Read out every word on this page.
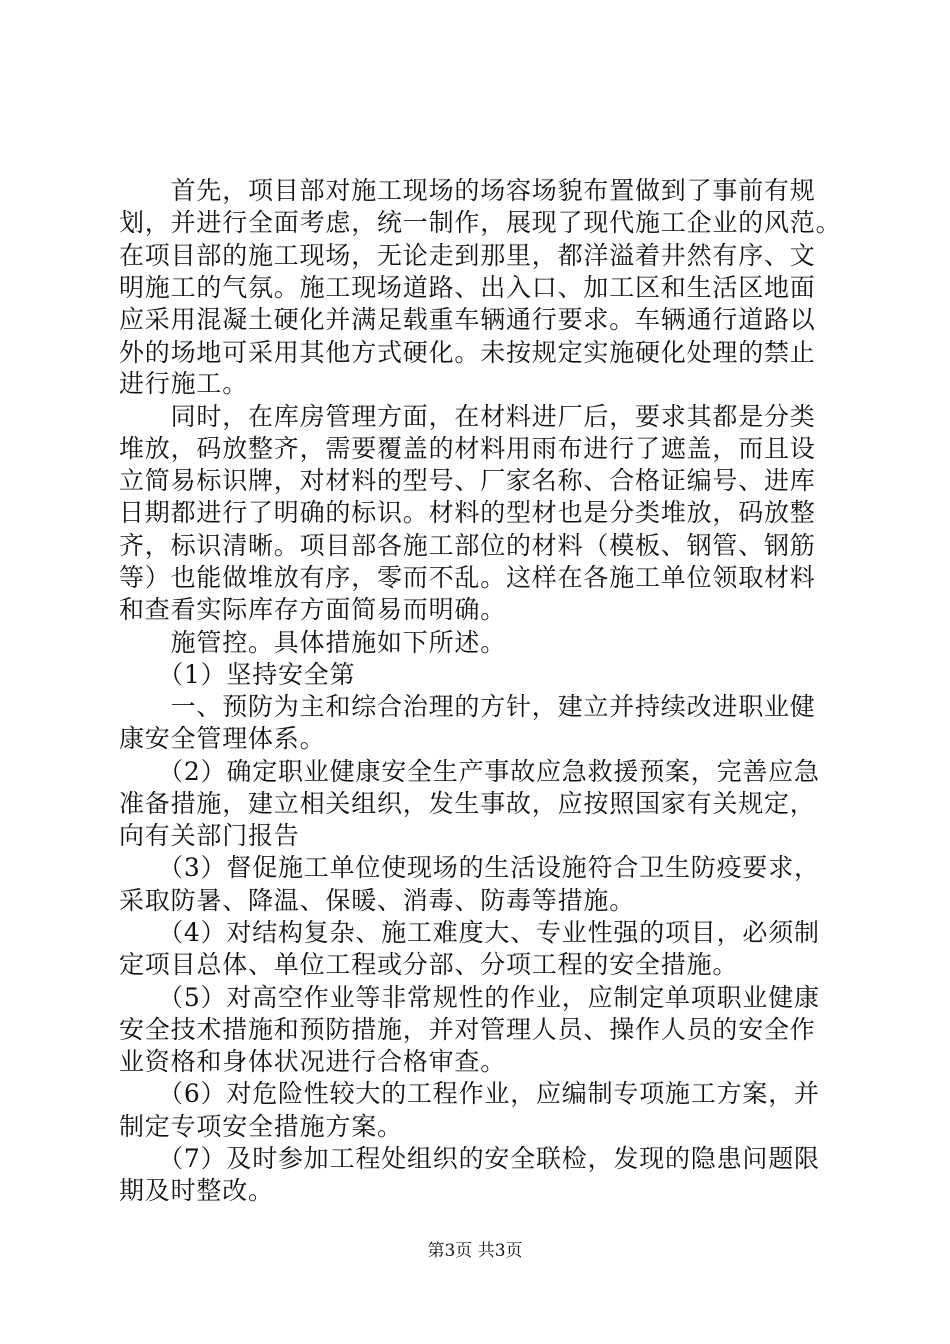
　　首先，项目部对施工现场的场容场貌布置做到了事前有规
划，并进行全面考虑，统一制作，展现了现代施工企业的风范。
在项目部的施工现场，无论走到那里，都洋溢着井然有序、文
明施工的气氛。施工现场道路、出入口、加工区和生活区地面
应采用混凝土硬化并满足载重车辆通行要求。车辆通行道路以
外的场地可采用其他方式硬化。未按规定实施硬化处理的禁止
进行施工。
　　同时，在库房管理方面，在材料进厂后，要求其都是分类
堆放，码放整齐，需要覆盖的材料用雨布进行了遮盖，而且设
立简易标识牌，对材料的型号、厂家名称、合格证编号、进库
日期都进行了明确的标识。材料的型材也是分类堆放，码放整
齐，标识清晰。项目部各施工部位的材料（模板、钢管、钢筋
等）也能做堆放有序，零而不乱。这样在各施工单位领取材料
和查看实际库存方面简易而明确。
　　施管控。具体措施如下所述。
　　（1）坚持安全第
　　一、预防为主和综合治理的方针，建立并持续改进职业健
康安全管理体系。
　　（2）确定职业健康安全生产事故应急救援预案，完善应急
准备措施，建立相关组织，发生事故，应按照国家有关规定，
向有关部门报告
　　（3）督促施工单位使现场的生活设施符合卫生防疫要求，
采取防暑、降温、保暖、消毒、防毒等措施。
　　（4）对结构复杂、施工难度大、专业性强的项目，必须制
定项目总体、单位工程或分部、分项工程的安全措施。
　　（5）对高空作业等非常规性的作业，应制定单项职业健康
安全技术措施和预防措施，并对管理人员、操作人员的安全作
业资格和身体状况进行合格审查。
　　（6）对危险性较大的工程作业，应编制专项施工方案，并
制定专项安全措施方案。
　　（7）及时参加工程处组织的安全联检，发现的隐患问题限
期及时整改。
第3页 共3页
